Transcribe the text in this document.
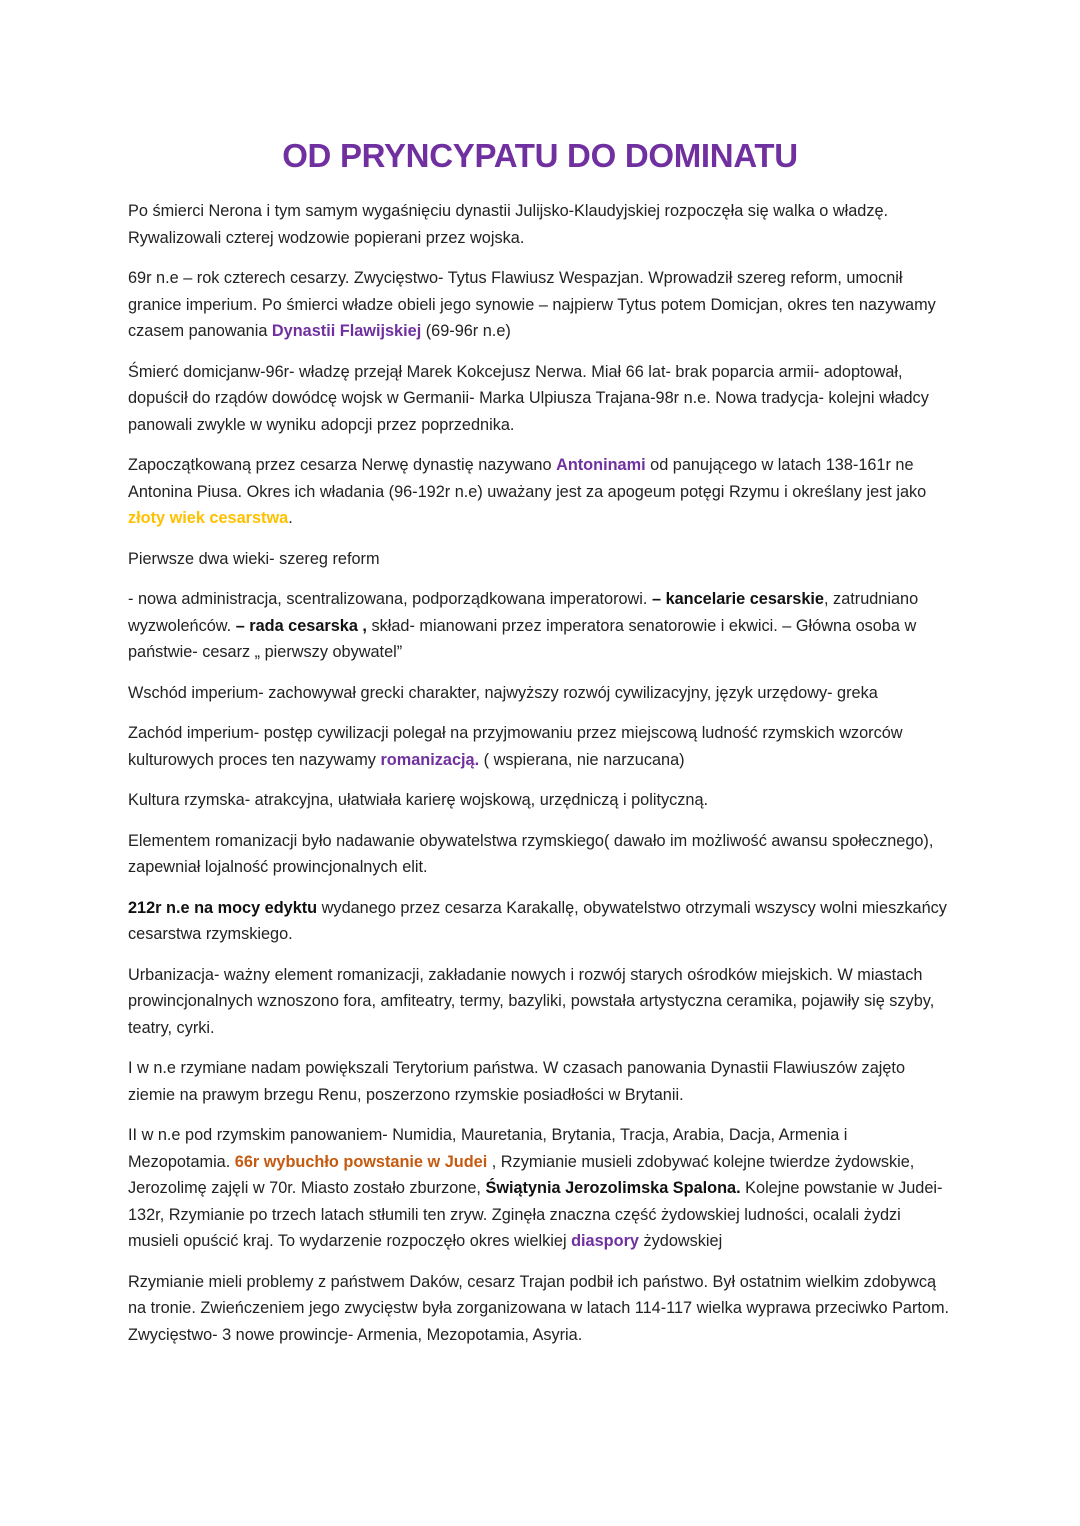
OD PRYNCYPATU DO DOMINATU

Po śmierci Nerona i tym samym wygaśnięciu dynastii Julijsko-Klaudyjskiej rozpoczęła się walka o władzę. Rywalizowali czterej wodzowie popierani przez wojska.

69r n.e – rok czterech cesarzy. Zwycięstwo- Tytus Flawiusz Wespazjan. Wprowadził szereg reform, umocnił granice imperium. Po śmierci władze obieli jego synowie – najpierw Tytus potem Domicjan, okres ten nazywamy czasem panowania Dynastii Flawijskiej (69-96r n.e)

Śmierć domicjanw-96r- władzę przejął Marek Kokcejusz Nerwa. Miał 66 lat- brak poparcia armii- adoptował, dopuścił do rządów dowódcę wojsk w Germanii- Marka Ulpiusza Trajana-98r n.e. Nowa tradycja- kolejni władcy panowali zwykle w wyniku adopcji przez poprzednika.

Zapoczątkowaną przez cesarza Nerwę dynastię nazywano Antoninami od panującego w latach 138-161r ne Antonina Piusa. Okres ich władania (96-192r n.e) uważany jest za apogeum potęgi Rzymu i określany jest jako złoty wiek cesarstwa.

Pierwsze dwa wieki- szereg reform

- nowa administracja, scentralizowana, podporządkowana imperatorowi. – kancelarie cesarskie, zatrudniano wyzwoleńców. – rada cesarska , skład- mianowani przez imperatora senatorowie i ekwici. – Główna osoba w państwie- cesarz „ pierwszy obywatel”

Wschód imperium- zachowywał grecki charakter, najwyższy rozwój cywilizacyjny, język urzędowy- greka

Zachód imperium- postęp cywilizacji polegał na przyjmowaniu przez miejscową ludność rzymskich wzorców kulturowych proces ten nazywamy romanizacją. ( wspierana, nie narzucana)

Kultura rzymska- atrakcyjna, ułatwiała karierę wojskową, urzędniczą i polityczną.

Elementem romanizacji było nadawanie obywatelstwa rzymskiego( dawało im możliwość awansu społecznego), zapewniał lojalność prowincjonalnych elit.

212r n.e na mocy edyktu wydanego przez cesarza Karakallę, obywatelstwo otrzymali wszyscy wolni mieszkańcy cesarstwa rzymskiego.

Urbanizacja- ważny element romanizacji, zakładanie nowych i rozwój starych ośrodków miejskich. W miastach prowincjonalnych wznoszono fora, amfiteatry, termy, bazyliki, powstała artystyczna ceramika, pojawiły się szyby, teatry, cyrki.

I w n.e rzymiane nadam powiększali Terytorium państwa. W czasach panowania Dynastii Flawiuszów zajęto ziemie na prawym brzegu Renu, poszerzono rzymskie posiadłości w Brytanii.

II w n.e pod rzymskim panowaniem- Numidia, Mauretania, Brytania, Tracja, Arabia, Dacja, Armenia i Mezopotamia. 66r wybuchło powstanie w Judei , Rzymianie musieli zdobywać kolejne twierdze żydowskie, Jerozolimę zajęli w 70r. Miasto zostało zburzone, Świątynia Jerozolimska Spalona. Kolejne powstanie w Judei-132r, Rzymianie po trzech latach stłumili ten zryw. Zginęła znaczna część żydowskiej ludności, ocalali żydzi musieli opuścić kraj. To wydarzenie rozpoczęło okres wielkiej diaspory żydowskiej

Rzymianie mieli problemy z państwem Daków, cesarz Trajan podbił ich państwo. Był ostatnim wielkim zdobywcą na tronie. Zwieńczeniem jego zwycięstw była zorganizowana w latach 114-117 wielka wyprawa przeciwko Partom. Zwycięstwo- 3 nowe prowincje- Armenia, Mezopotamia, Asyria.
